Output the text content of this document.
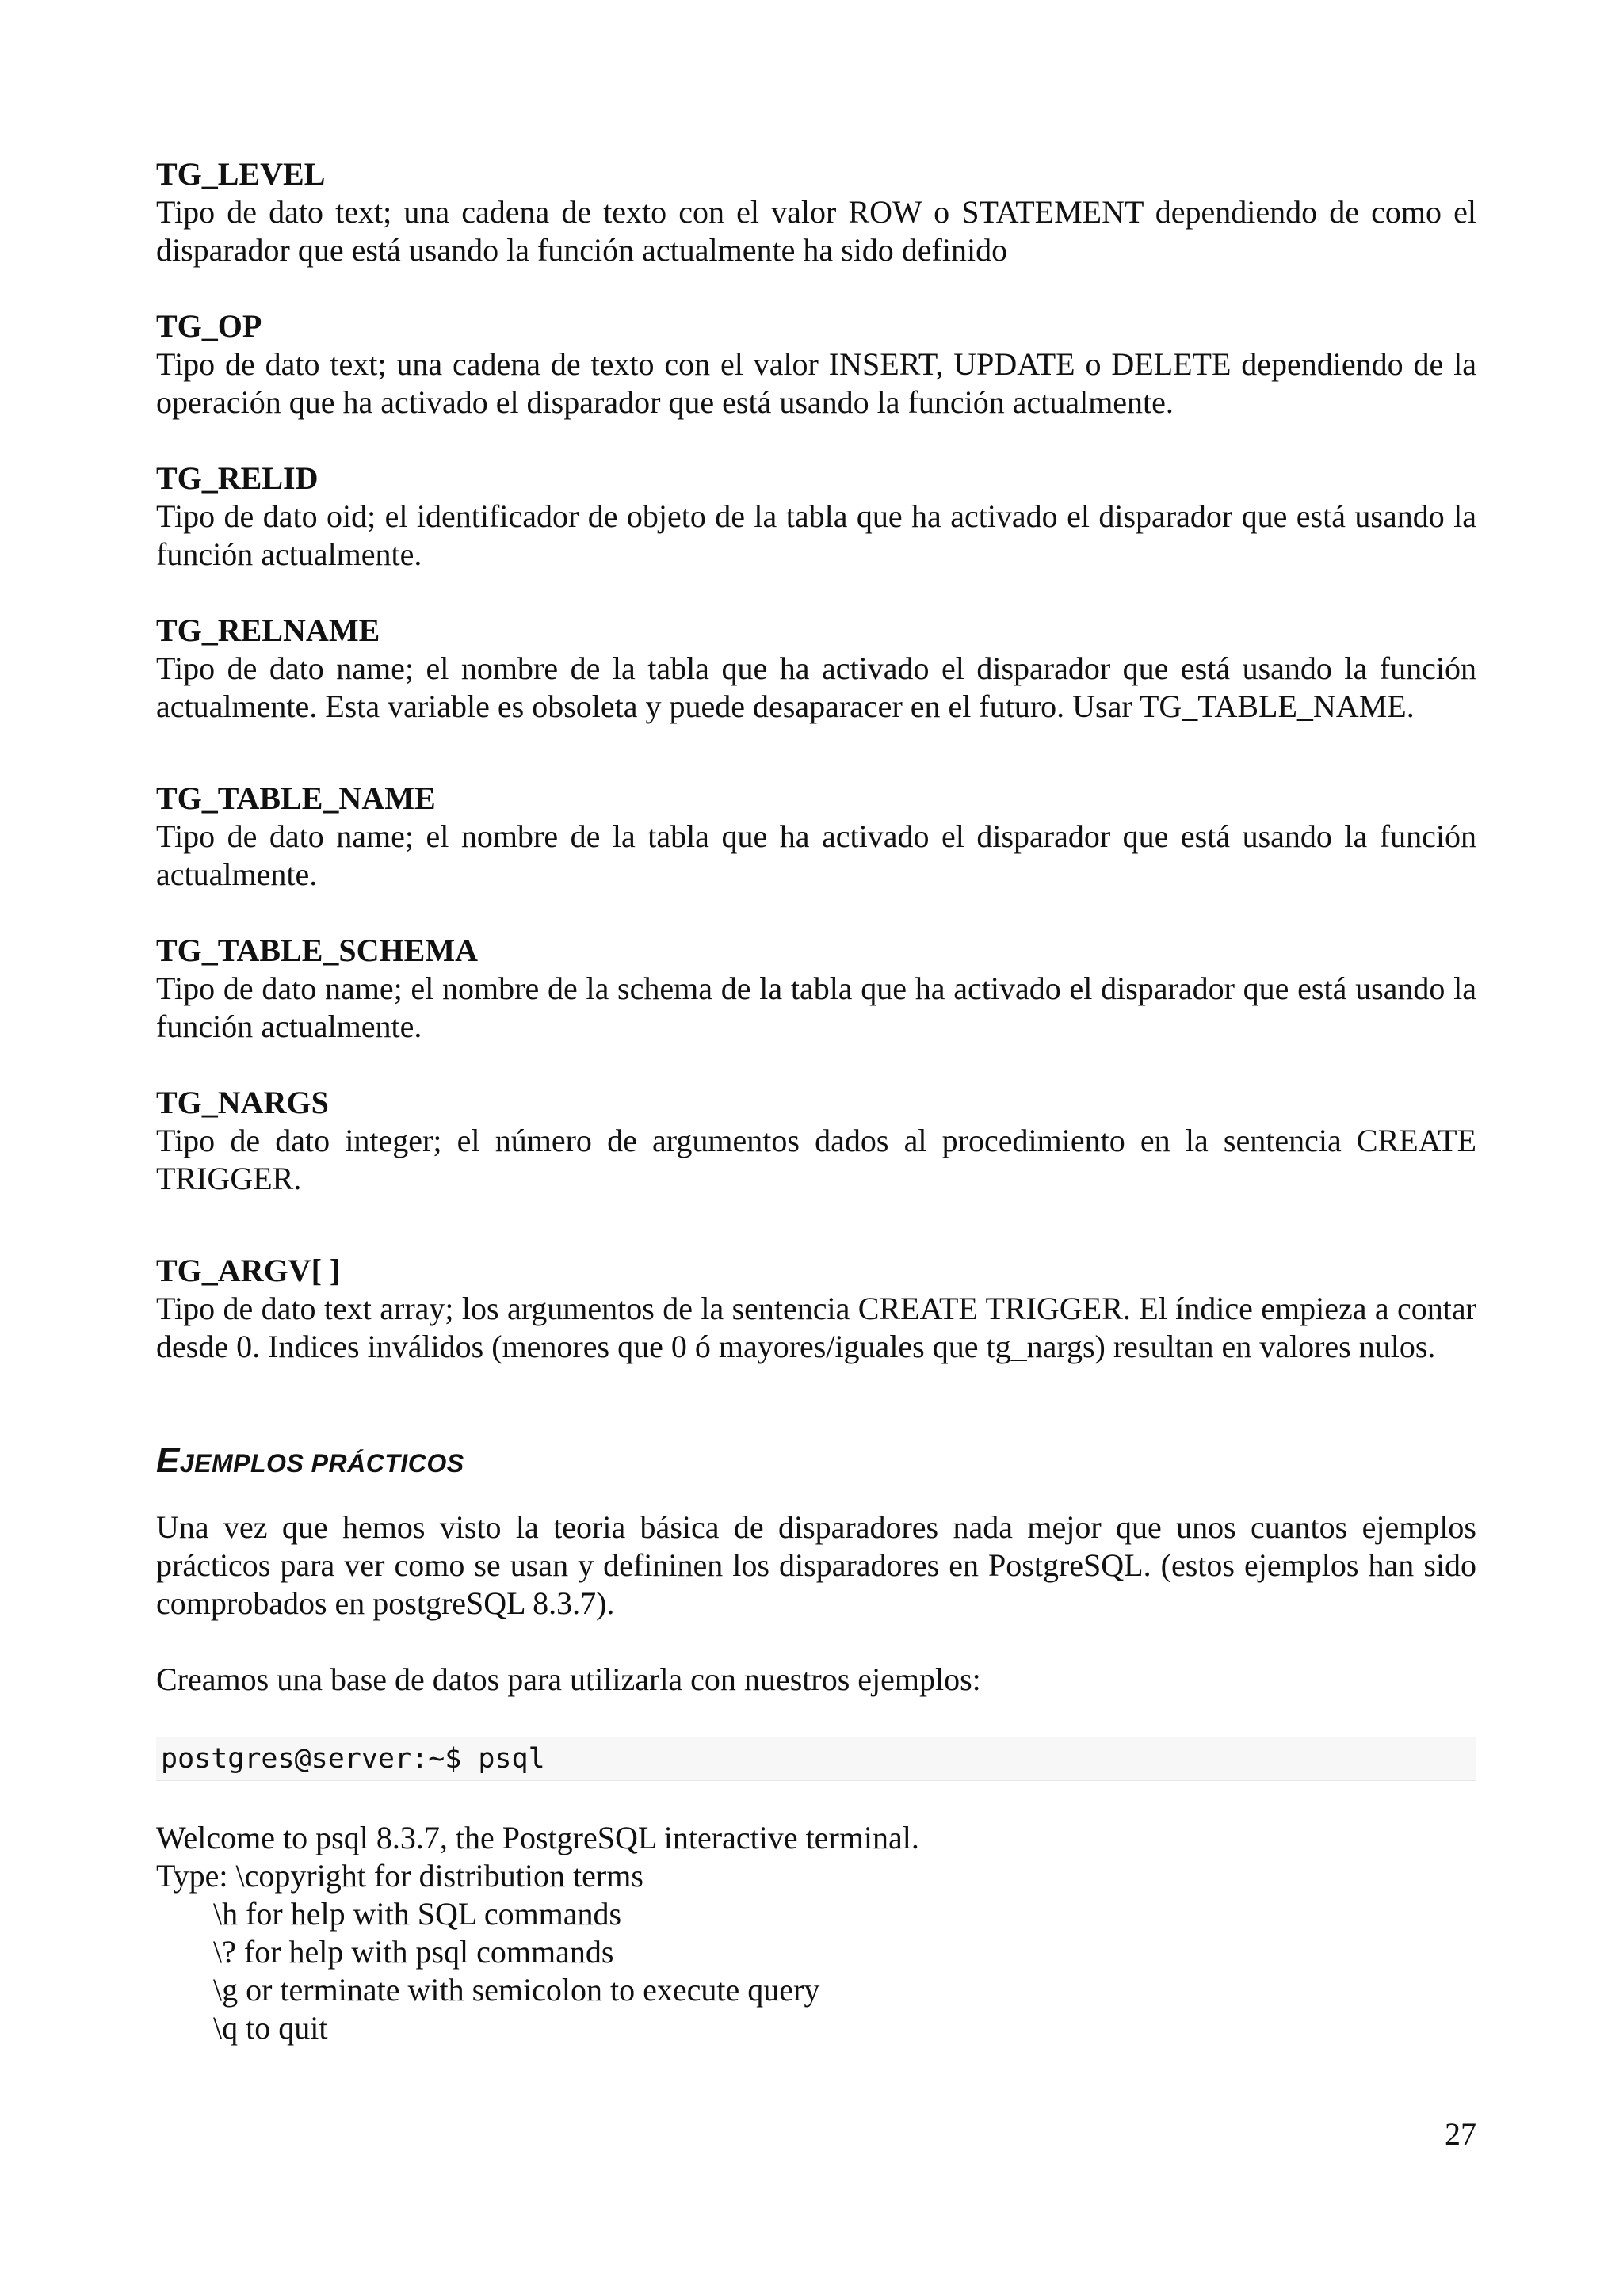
TG_LEVEL

Tipo de dato text; una cadena de texto con el valor ROW o STATEMENT dependiendo de como el disparador que está usando la función actualmente ha sido definido

TG_OP

Tipo de dato text; una cadena de texto con el valor INSERT, UPDATE o DELETE dependiendo de la operación que ha activado el disparador que está usando la función actualmente.

TG_RELID

Tipo de dato oid; el identificador de objeto de la tabla que ha activado el disparador que está usando la función actualmente.

TG_RELNAME

Tipo de dato name; el nombre de la tabla que ha activado el disparador que está usando la función actualmente. Esta variable es obsoleta y puede desaparacer en el futuro. Usar TG_TABLE_NAME.

TG_TABLE_NAME

Tipo de dato name; el nombre de la tabla que ha activado el disparador que está usando la función actualmente.

TG_TABLE_SCHEMA

Tipo de dato name; el nombre de la schema de la tabla que ha activado el disparador que está usando la función actualmente.

TG_NARGS

Tipo de dato integer; el número de argumentos dados al procedimiento en la sentencia CREATE TRIGGER.

TG_ARGV[ ]

Tipo de dato text array; los argumentos de la sentencia CREATE TRIGGER. El índice empieza a contar desde 0. Indices inválidos (menores que 0 ó mayores/iguales que tg_nargs) resultan en valores nulos.

EJEMPLOS PRÁCTICOS

Una vez que hemos visto la teoria básica de disparadores nada mejor que unos cuantos ejemplos prácticos para ver como se usan y defininen los disparadores en PostgreSQL. (estos ejemplos han sido comprobados en postgreSQL 8.3.7).

Creamos una base de datos para utilizarla con nuestros ejemplos:

postgres@server:~$ psql
Welcome to psql 8.3.7, the PostgreSQL interactive terminal.
Type: \copyright for distribution terms
\h for help with SQL commands
\? for help with psql commands
\g or terminate with semicolon to execute query
\q to quit
27
